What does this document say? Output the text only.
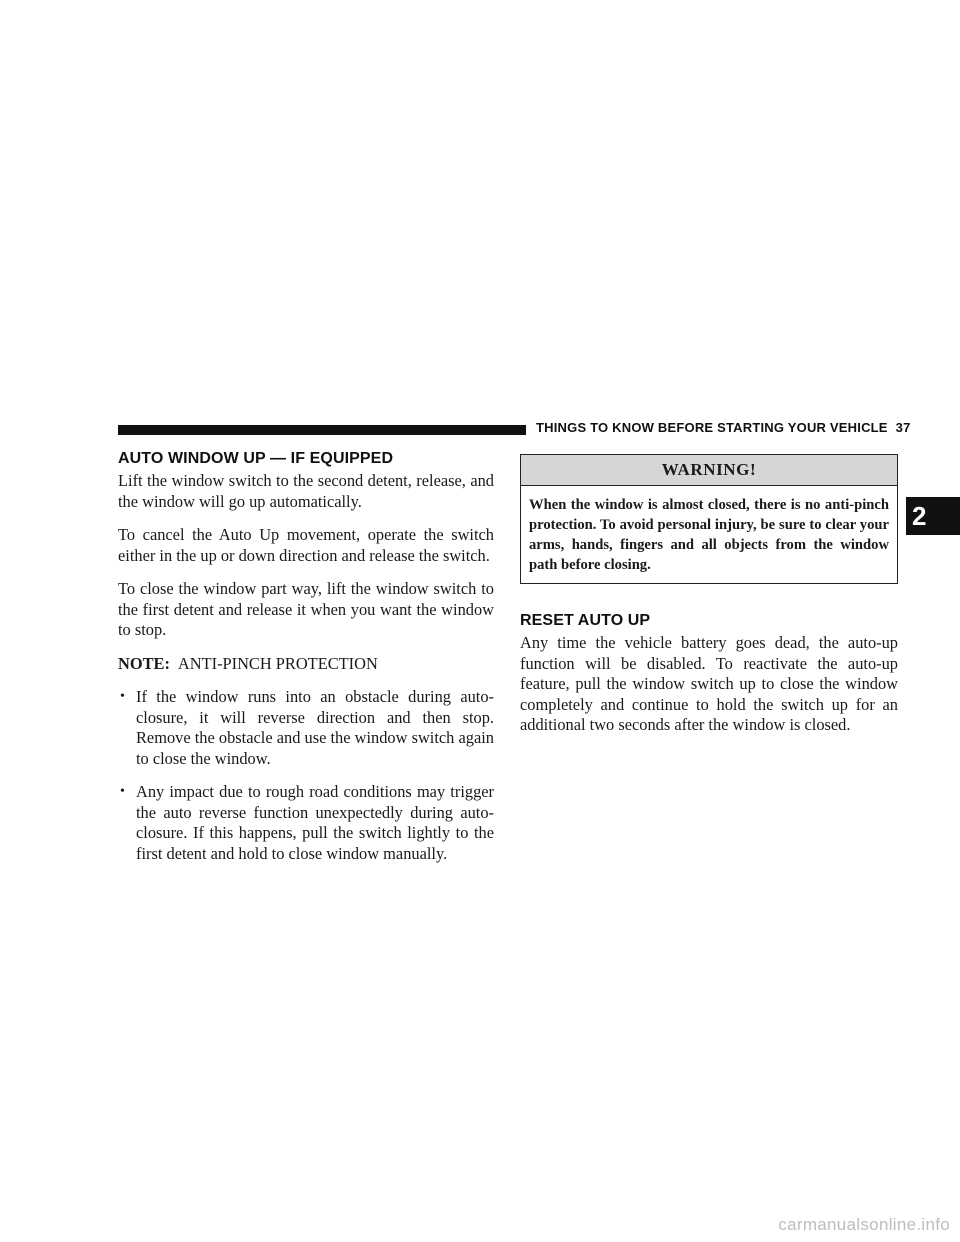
THINGS TO KNOW BEFORE STARTING YOUR VEHICLE 37
2
AUTO WINDOW UP — IF EQUIPPED

Lift the window switch to the second detent, release, and the window will go up automatically.

To cancel the Auto Up movement, operate the switch either in the up or down direction and release the switch.

To close the window part way, lift the window switch to the first detent and release it when you want the window to stop.

NOTE: ANTI-PINCH PROTECTION
• If the window runs into an obstacle during auto-closure, it will reverse direction and then stop. Remove the obstacle and use the window switch again to close the window.
• Any impact due to rough road conditions may trigger the auto reverse function unexpectedly during auto-closure. If this happens, pull the switch lightly to the first detent and hold to close window manually.
WARNING!
When the window is almost closed, there is no anti-pinch protection. To avoid personal injury, be sure to clear your arms, hands, fingers and all objects from the window path before closing.
RESET AUTO UP

Any time the vehicle battery goes dead, the auto-up function will be disabled. To reactivate the auto-up feature, pull the window switch up to close the window completely and continue to hold the switch up for an additional two seconds after the window is closed.

carmanualsonline.info
